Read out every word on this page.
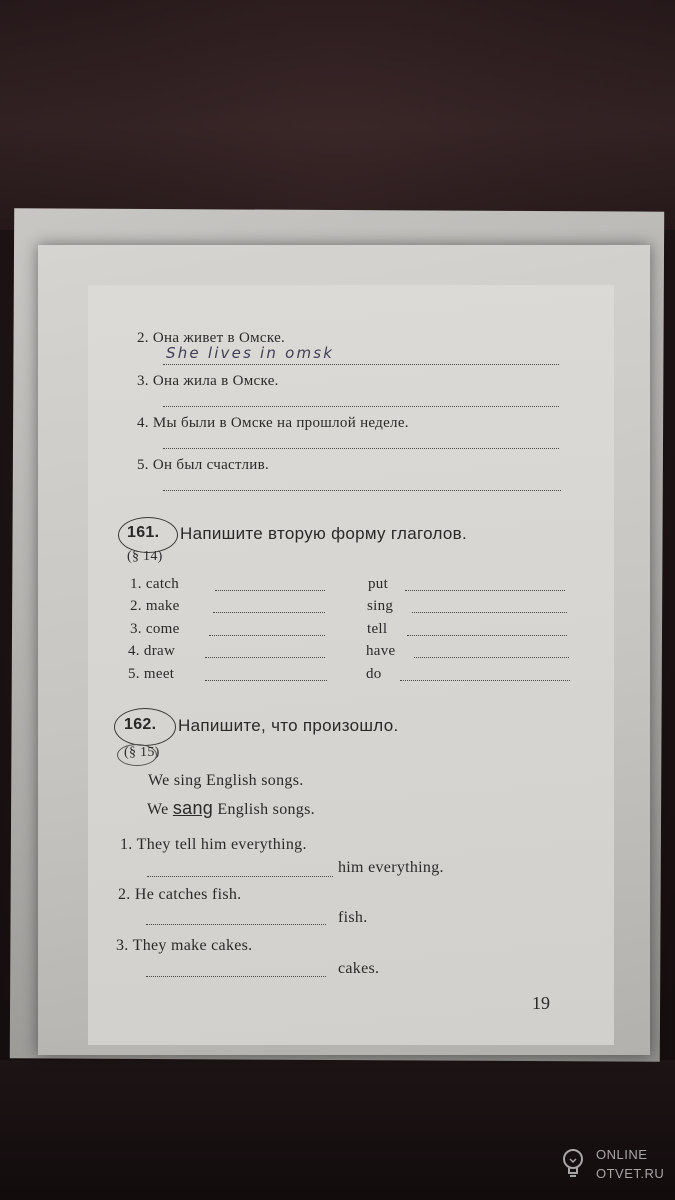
2. Она живет в Омске.
She lives in omsk
3. Она жила в Омске.
4. Мы были в Омске на прошлой неделе.
5. Он был счастлив.
161. Напишите вторую форму глаголов.
(§ 14)
1. catch
2. make
3. come
4. draw
5. meet
put
sing
tell
have
do
162. Напишите, что произошло.
(§ 15)
We sing English songs.
We sang English songs.
1. They tell him everything.
him everything.
2. He catches fish.
fish.
3. They make cakes.
cakes.
19
ONLINE
OTVET.RU
